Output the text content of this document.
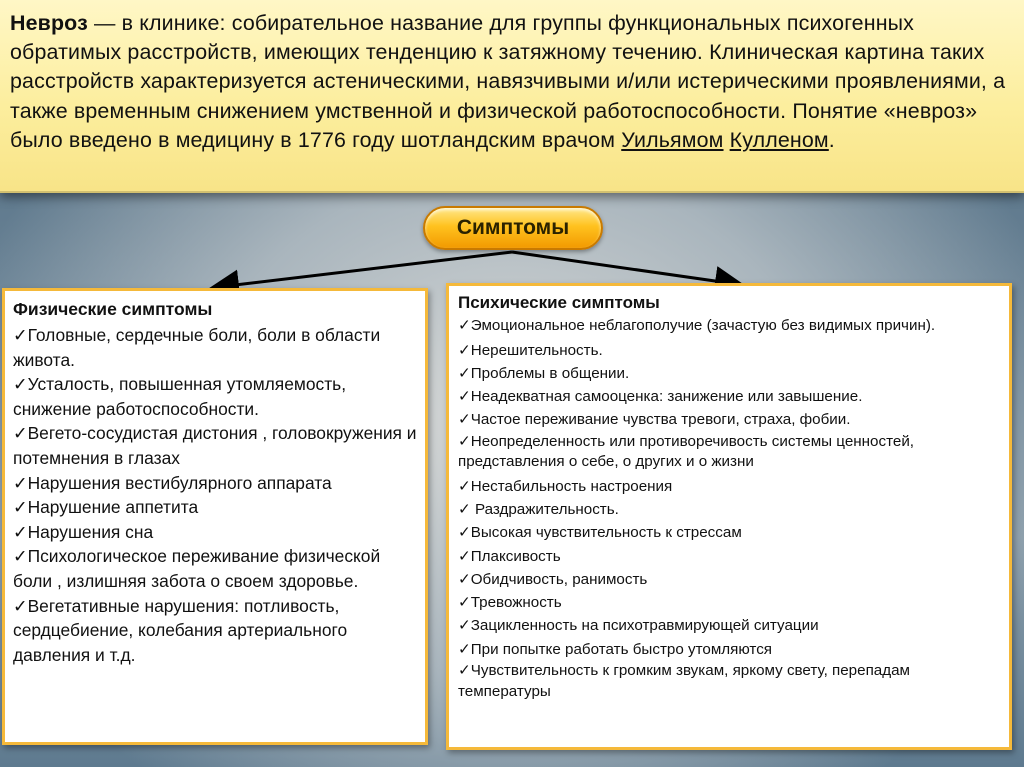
Невроз — в клинике: собирательное название для группы функциональных психогенных обратимых расстройств, имеющих тенденцию к затяжному течению. Клиническая картина таких расстройств характеризуется астеническими, навязчивыми и/или истерическими проявлениями, а также временным снижением умственной и физической работоспособности. Понятие «невроз» было введено в медицину в 1776 году шотландским врачом Уильямом Кулленом.

Симптомы
Физические симптомы
✓Головные, сердечные боли, боли в области живота.
✓Усталость, повышенная утомляемость, снижение работоспособности.
✓Вегето-сосудистая дистония , головокружения и потемнения в глазах
✓Нарушения вестибулярного аппарата
✓Нарушение аппетита
✓Нарушения сна
✓Психологическое переживание физической боли , излишняя забота о своем здоровье.
✓Вегетативные нарушения: потливость, сердцебиение, колебания артериального давления и т.д.
Психические симптомы
✓Эмоциональное неблагополучие (зачастую без видимых причин).
✓Нерешительность.
✓Проблемы в общении.
✓Неадекватная самооценка: занижение или завышение.
✓Частое переживание чувства тревоги, страха, фобии.
✓Неопределенность или противоречивость системы ценностей, представления о себе, о других и о жизни
✓Нестабильность настроения
✓ Раздражительность.
✓Высокая чувствительность к стрессам
✓Плаксивость
✓Обидчивость, ранимость
✓Тревожность
✓Зацикленность на психотравмирующей ситуации
✓При попытке работать быстро утомляются
✓Чувствительность к громким звукам, яркому свету, перепадам температуры
